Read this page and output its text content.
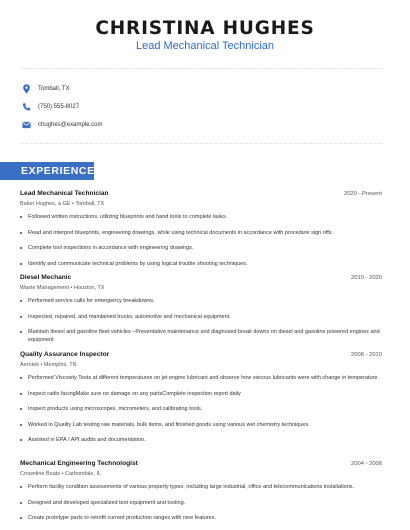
CHRISTINA HUGHES
Lead Mechanical Technician
Tomball, TX
(750) 555-8027
chughes@example.com
EXPERIENCE
Lead Mechanical Technician	2020 - Present
Baker Hughes, a GE • Tomball, TX
Followed written instructions, utilizing blueprints and hand tools to complete tasks.
Read and interpret blueprints, engineering drawings, while using technical documents in accordance with procedure sign offs.
Complete tool inspections in accordance with engineering drawings.
Identify and communicate technical problems by using logical trouble shooting techniques.
Diesel Mechanic	2010 - 2020
Waste Management • Houston, TX
Performed service calls for emergency breakdowns.
Inspected, repaired, and maintained trucks, automotive and mechanical equipment.
Maintain diesel and gasoline fleet vehicles –Preventative maintenance and diagnosed break downs on diesel and gasoline powered engines and equipment
Quality Assurance Inspector	2008 - 2010
Aerotek • Memphis, TN
Performed Viscosity Tests at different temperatures on jet engine lubricant and observe how viscous lubricants were with change in temperature .
Inspect radio facingMake sure no damage on any partsComplete inspection report daily
Inspect products using microscopes, micrometers, and calibrating tools.
Worked in Quality Lab testing raw materials, bulk items, and finished goods using various wet chemistry techniques.
Assisted in EPA / API audits and documentation.
Mechanical Engineering Technologist	2004 - 2008
Crownline Boats • Carbondale, IL
Perform facility condition assessments of various property types, including large industrial, office and telecommunications installations.
Designed and developed specialized test equipment and tooling.
Create prototype parts to retrofit current production ranges with new features.
